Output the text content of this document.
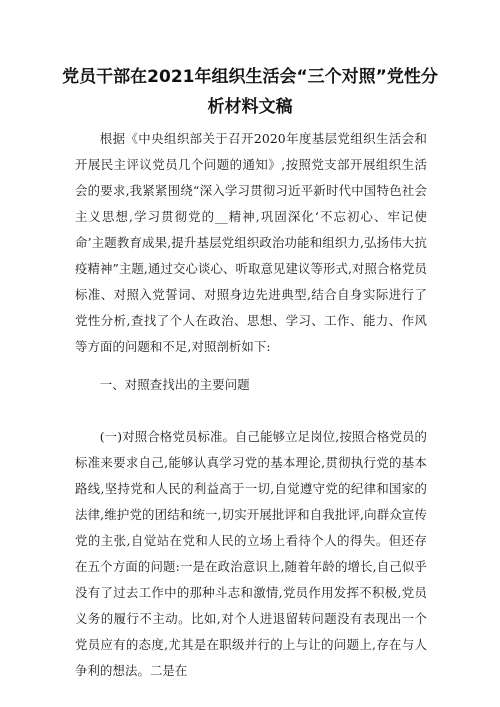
党员干部在2021年组织生活会“三个对照”党性分析材料文稿

根据《中央组织部关于召开2020年度基层党组织生活会和开展民主评议党员几个问题的通知》,按照党支部开展组织生活会的要求,我紧紧围绕“深入学习贯彻习近平新时代中国特色社会主义思想,学习贯彻党的__精神,巩固深化‘不忘初心、牢记使命’主题教育成果,提升基层党组织政治功能和组织力,弘扬伟大抗疫精神”主题,通过交心谈心、听取意见建议等形式,对照合格党员标准、对照入党誓词、对照身边先进典型,结合自身实际进行了党性分析,查找了个人在政治、思想、学习、工作、能力、作风等方面的问题和不足,对照剖析如下:

一、对照查找出的主要问题

(一)对照合格党员标准。自己能够立足岗位,按照合格党员的标准来要求自己,能够认真学习党的基本理论,贯彻执行党的基本路线,坚持党和人民的利益高于一切,自觉遵守党的纪律和国家的法律,维护党的团结和统一,切实开展批评和自我批评,向群众宣传党的主张,自觉站在党和人民的立场上看待个人的得失。但还存在五个方面的问题:一是在政治意识上,随着年龄的增长,自己似乎没有了过去工作中的那种斗志和激情,党员作用发挥不积极,党员义务的履行不主动。比如,对个人进退留转问题没有表现出一个党员应有的态度,尤其是在职级并行的上与让的问题上,存在与人争利的想法。二是在
